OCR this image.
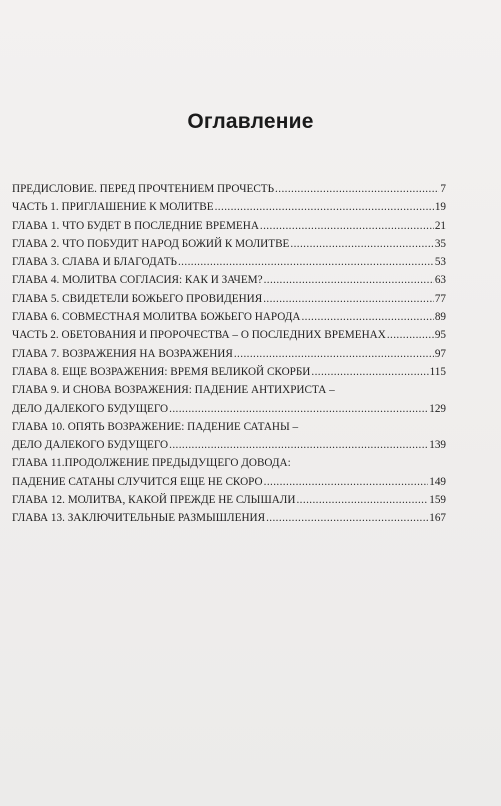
Оглавление
ПРЕДИСЛОВИЕ. ПЕРЕД ПРОЧТЕНИЕМ ПРОЧЕСТЬ .....	7
ЧАСТЬ 1. ПРИГЛАШЕНИЕ К МОЛИТВЕ .....	19
ГЛАВА 1. ЧТО БУДЕТ В ПОСЛЕДНИЕ ВРЕМЕНА .....	21
ГЛАВА 2. ЧТО ПОБУДИТ НАРОД БОЖИЙ К МОЛИТВЕ .....	35
ГЛАВА 3. СЛАВА И БЛАГОДАТЬ .....	53
ГЛАВА 4. МОЛИТВА СОГЛАСИЯ: КАК И ЗАЧЕМ? .....	63
ГЛАВА 5. СВИДЕТЕЛИ БОЖЬЕГО ПРОВИДЕНИЯ .....	77
ГЛАВА 6. СОВМЕСТНАЯ МОЛИТВА БОЖЬЕГО НАРОДА .....	89
ЧАСТЬ 2. ОБЕТОВАНИЯ И ПРОРОЧЕСТВА – О ПОСЛЕДНИХ ВРЕМЕНАХ .....	95
ГЛАВА 7. ВОЗРАЖЕНИЯ НА ВОЗРАЖЕНИЯ .....	97
ГЛАВА 8. ЕЩЕ ВОЗРАЖЕНИЯ: ВРЕМЯ ВЕЛИКОЙ СКОРБИ .....	115
ГЛАВА 9. И СНОВА ВОЗРАЖЕНИЯ: ПАДЕНИЕ АНТИХРИСТА –
ДЕЛО ДАЛЕКОГО БУДУЩЕГО .....	129
ГЛАВА 10. ОПЯТЬ ВОЗРАЖЕНИЕ: ПАДЕНИЕ САТАНЫ –
ДЕЛО ДАЛЕКОГО БУДУЩЕГО .....	139
ГЛАВА 11.ПРОДОЛЖЕНИЕ ПРЕДЫДУЩЕГО ДОВОДА:
ПАДЕНИЕ САТАНЫ СЛУЧИТСЯ ЕЩЕ НЕ СКОРО .....	149
ГЛАВА 12. МОЛИТВА, КАКОЙ ПРЕЖДЕ НЕ СЛЫШАЛИ .....	159
ГЛАВА 13. ЗАКЛЮЧИТЕЛЬНЫЕ РАЗМЫШЛЕНИЯ .....	167
